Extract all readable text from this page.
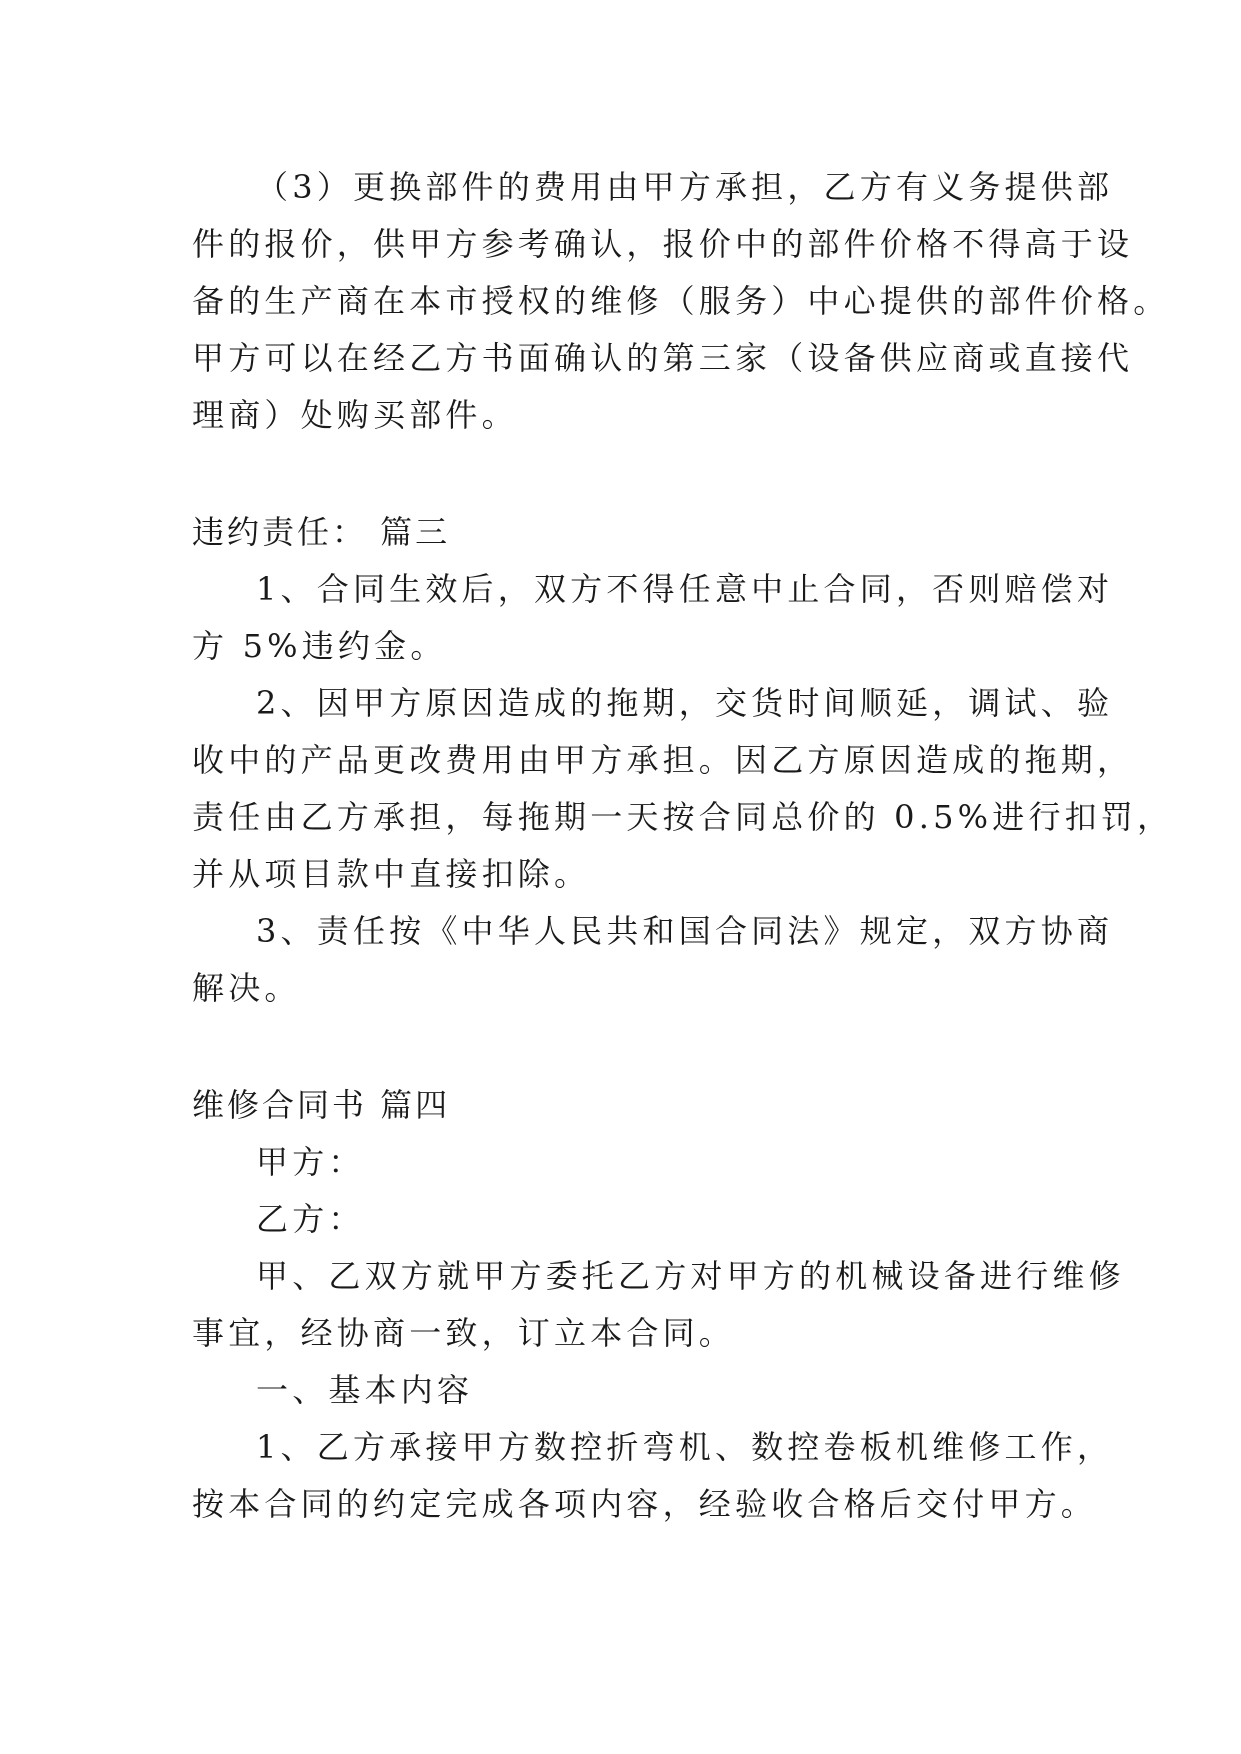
（3）更换部件的费用由甲方承担，乙方有义务提供部
件的报价，供甲方参考确认，报价中的部件价格不得高于设
备的生产商在本市授权的维修（服务）中心提供的部件价格。
甲方可以在经乙方书面确认的第三家（设备供应商或直接代
理商）处购买部件。
违约责任： 篇三
1、合同生效后，双方不得任意中止合同，否则赔偿对
方 5%违约金。
2、因甲方原因造成的拖期，交货时间顺延，调试、验
收中的产品更改费用由甲方承担。因乙方原因造成的拖期，
责任由乙方承担，每拖期一天按合同总价的 0.5%进行扣罚，
并从项目款中直接扣除。
3、责任按《中华人民共和国合同法》规定，双方协商
解决。
维修合同书 篇四
甲方：
乙方：
甲、乙双方就甲方委托乙方对甲方的机械设备进行维修
事宜，经协商一致，订立本合同。
一、基本内容
1、乙方承接甲方数控折弯机、数控卷板机维修工作，
按本合同的约定完成各项内容，经验收合格后交付甲方。
